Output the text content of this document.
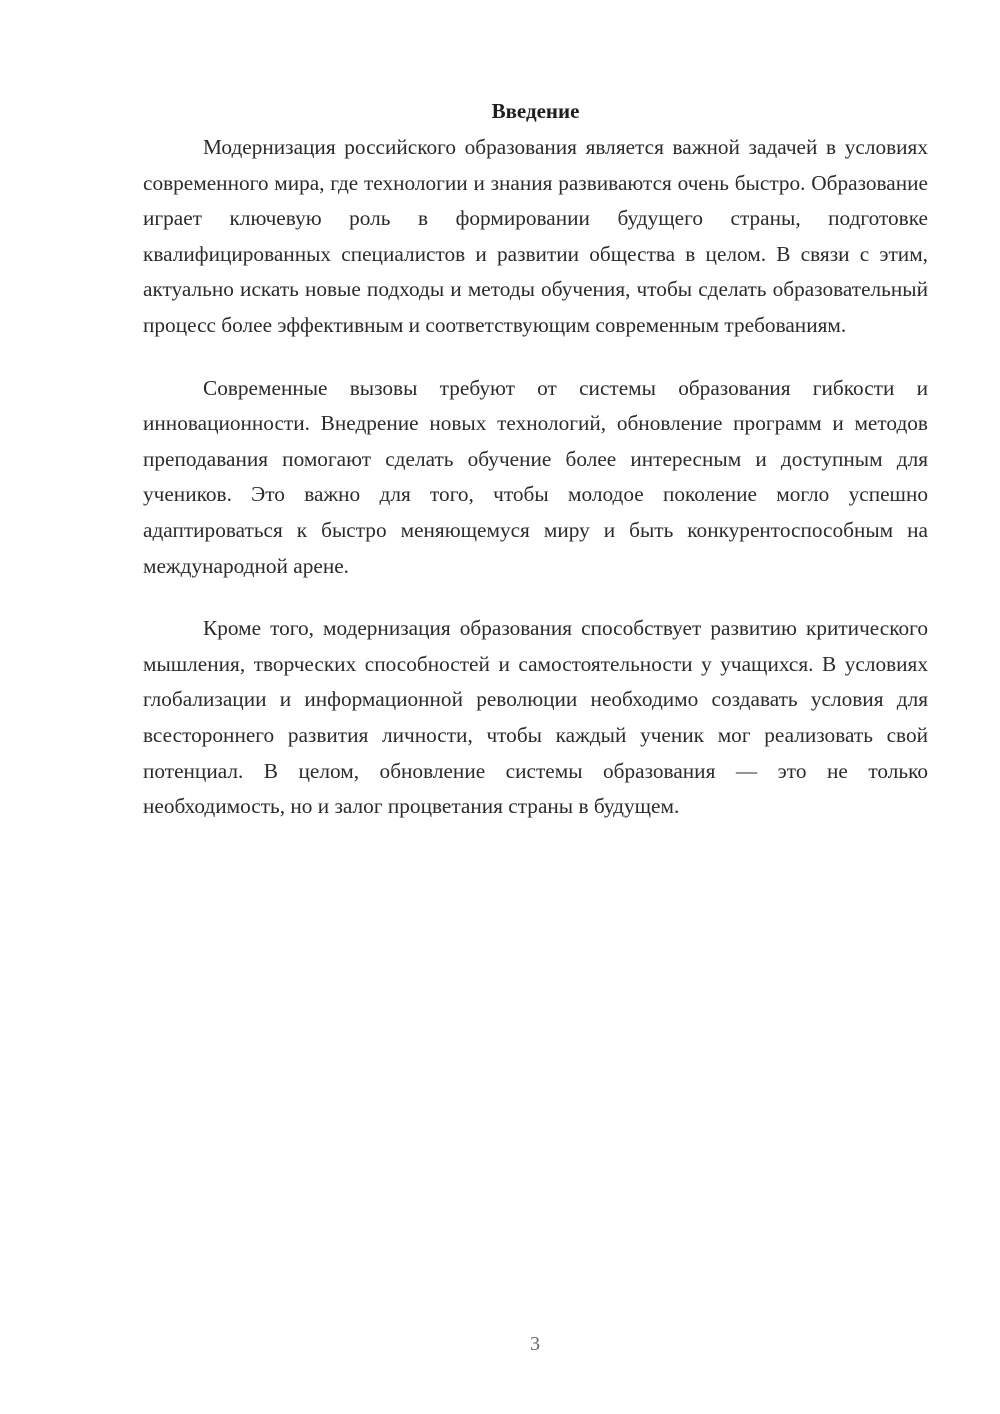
Введение

Модернизация российского образования является важной задачей в условиях современного мира, где технологии и знания развиваются очень быстро. Образование играет ключевую роль в формировании будущего страны, подготовке квалифицированных специалистов и развитии общества в целом. В связи с этим, актуально искать новые подходы и методы обучения, чтобы сделать образовательный процесс более эффективным и соответствующим современным требованиям.

Современные вызовы требуют от системы образования гибкости и инновационности. Внедрение новых технологий, обновление программ и методов преподавания помогают сделать обучение более интересным и доступным для учеников. Это важно для того, чтобы молодое поколение могло успешно адаптироваться к быстро меняющемуся миру и быть конкурентоспособным на международной арене.

Кроме того, модернизация образования способствует развитию критического мышления, творческих способностей и самостоятельности у учащихся. В условиях глобализации и информационной революции необходимо создавать условия для всестороннего развития личности, чтобы каждый ученик мог реализовать свой потенциал. В целом, обновление системы образования — это не только необходимость, но и залог процветания страны в будущем.

3
